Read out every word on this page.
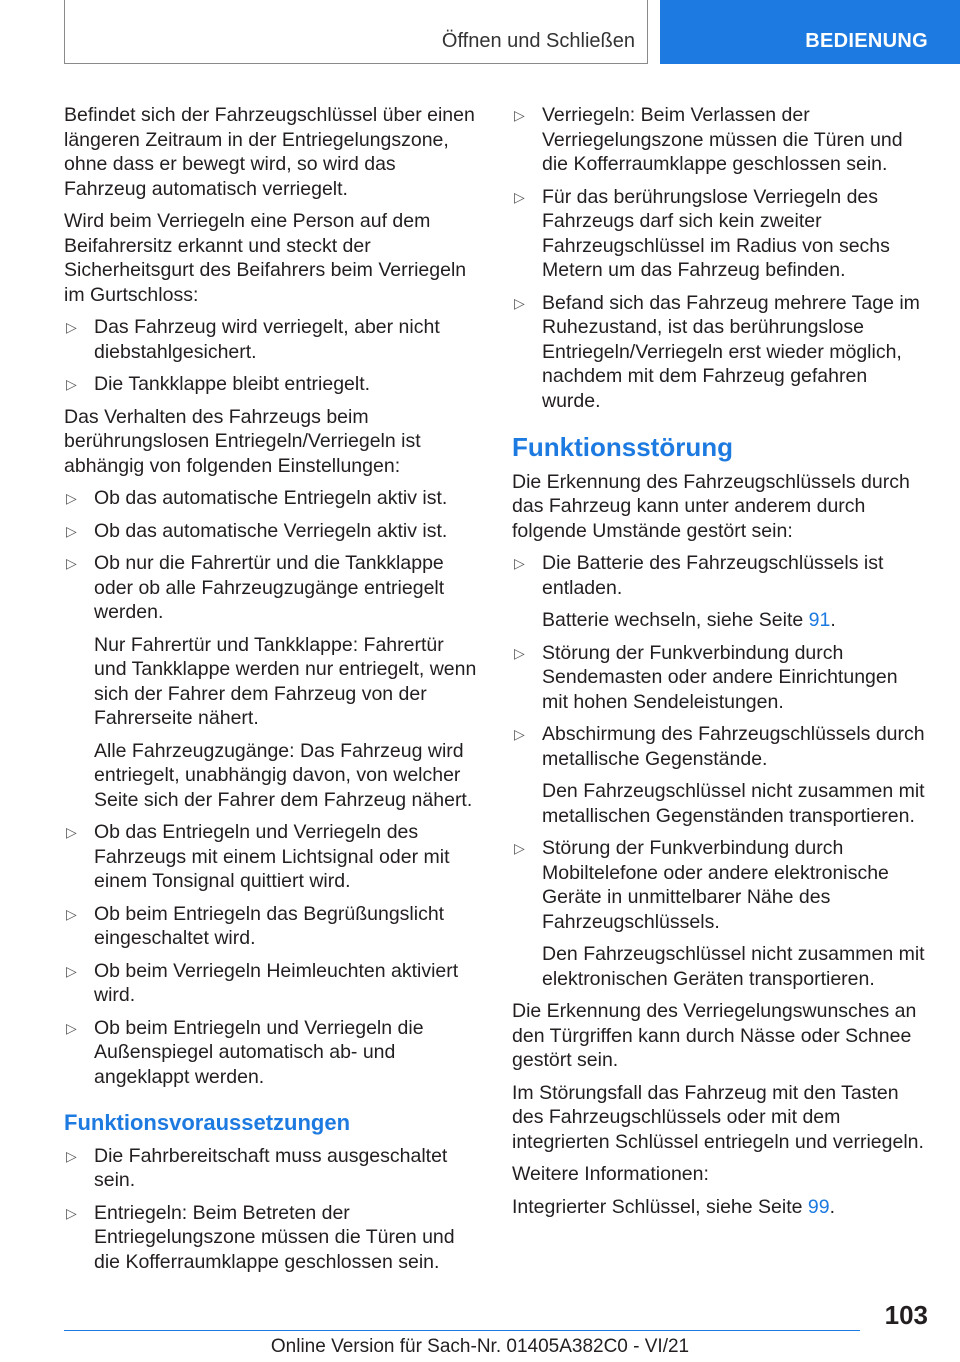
Öffnen und Schließen	BEDIENUNG

Befindet sich der Fahrzeugschlüssel über einen längeren Zeitraum in der Entriegelungszone, ohne dass er bewegt wird, so wird das Fahrzeug automatisch verriegelt.

Wird beim Verriegeln eine Person auf dem Beifahrersitz erkannt und steckt der Sicherheitsgurt des Beifahrers beim Verriegeln im Gurtschloss:

▷ Das Fahrzeug wird verriegelt, aber nicht diebstahlgesichert.
▷ Die Tankklappe bleibt entriegelt.

Das Verhalten des Fahrzeugs beim berührungslosen Entriegeln/Verriegeln ist abhängig von folgenden Einstellungen:

▷ Ob das automatische Entriegeln aktiv ist.
▷ Ob das automatische Verriegeln aktiv ist.
▷ Ob nur die Fahrertür und die Tankklappe oder ob alle Fahrzeugzugänge entriegelt werden.

Nur Fahrertür und Tankklappe: Fahrertür und Tankklappe werden nur entriegelt, wenn sich der Fahrer dem Fahrzeug von der Fahrerseite nähert.

Alle Fahrzeugzugänge: Das Fahrzeug wird entriegelt, unabhängig davon, von welcher Seite sich der Fahrer dem Fahrzeug nähert.

▷ Ob das Entriegeln und Verriegeln des Fahrzeugs mit einem Lichtsignal oder mit einem Tonsignal quittiert wird.
▷ Ob beim Entriegeln das Begrüßungslicht eingeschaltet wird.
▷ Ob beim Verriegeln Heimleuchten aktiviert wird.
▷ Ob beim Entriegeln und Verriegeln die Außenspiegel automatisch ab- und angeklappt werden.
Funktionsvoraussetzungen
▷ Die Fahrbereitschaft muss ausgeschaltet sein.
▷ Entriegeln: Beim Betreten der Entriegelungszone müssen die Türen und die Kofferraumklappe geschlossen sein.
▷ Verriegeln: Beim Verlassen der Verriegelungszone müssen die Türen und die Kofferraumklappe geschlossen sein.
▷ Für das berührungslose Verriegeln des Fahrzeugs darf sich kein zweiter Fahrzeugschlüssel im Radius von sechs Metern um das Fahrzeug befinden.
▷ Befand sich das Fahrzeug mehrere Tage im Ruhezustand, ist das berührungslose Entriegeln/Verriegeln erst wieder möglich, nachdem mit dem Fahrzeug gefahren wurde.
Funktionsstörung

Die Erkennung des Fahrzeugschlüssels durch das Fahrzeug kann unter anderem durch folgende Umstände gestört sein:

▷ Die Batterie des Fahrzeugschlüssels ist entladen.

Batterie wechseln, siehe Seite 91.

▷ Störung der Funkverbindung durch Sendemasten oder andere Einrichtungen mit hohen Sendeleistungen.
▷ Abschirmung des Fahrzeugschlüssels durch metallische Gegenstände.

Den Fahrzeugschlüssel nicht zusammen mit metallischen Gegenständen transportieren.

▷ Störung der Funkverbindung durch Mobiltelefone oder andere elektronische Geräte in unmittelbarer Nähe des Fahrzeugschlüssels.

Den Fahrzeugschlüssel nicht zusammen mit elektronischen Geräten transportieren.

Die Erkennung des Verriegelungswunsches an den Türgriffen kann durch Nässe oder Schnee gestört sein.

Im Störungsfall das Fahrzeug mit den Tasten des Fahrzeugschlüssels oder mit dem integrierten Schlüssel entriegeln und verriegeln.

Weitere Informationen:

Integrierter Schlüssel, siehe Seite 99.

103
Online Version für Sach-Nr. 01405A382C0 - VI/21
